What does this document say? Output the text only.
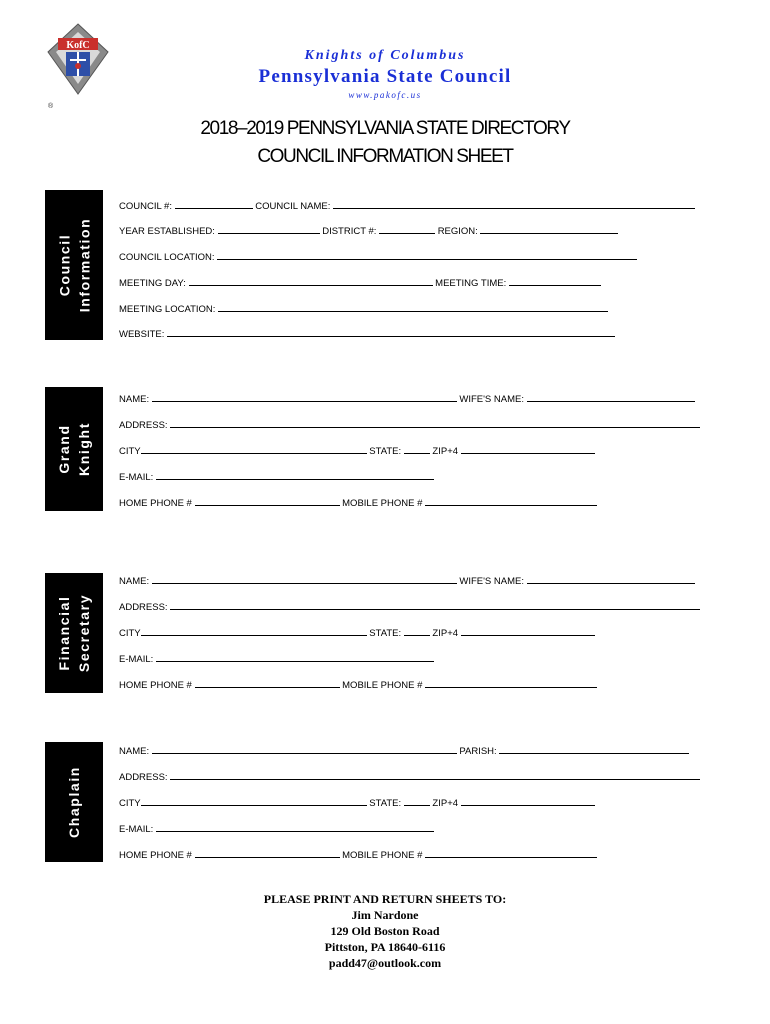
KofC
®
Knights of Columbus
Pennsylvania State Council
www.pakofc.us
2018–2019 PENNSYLVANIA STATE DIRECTORY
COUNCIL INFORMATION SHEET
Council Information
COUNCIL #:	COUNCIL NAME:
YEAR ESTABLISHED:	DISTRICT #:	REGION:
COUNCIL LOCATION:
MEETING DAY:	MEETING TIME:
MEETING LOCATION:
WEBSITE:
Grand Knight
NAME:	WIFE'S NAME:
ADDRESS:
CITY	STATE:	ZIP+4
E-MAIL:
HOME PHONE #	MOBILE PHONE #
Financial Secretary
NAME:	WIFE'S NAME:
ADDRESS:
CITY	STATE:	ZIP+4
E-MAIL:
HOME PHONE #	MOBILE PHONE #
Chaplain
NAME:	PARISH:
ADDRESS:
CITY	STATE:	ZIP+4
E-MAIL:
HOME PHONE #	MOBILE PHONE #
PLEASE PRINT AND RETURN SHEETS TO:
Jim Nardone
129 Old Boston Road
Pittston, PA 18640-6116
padd47@outlook.com
